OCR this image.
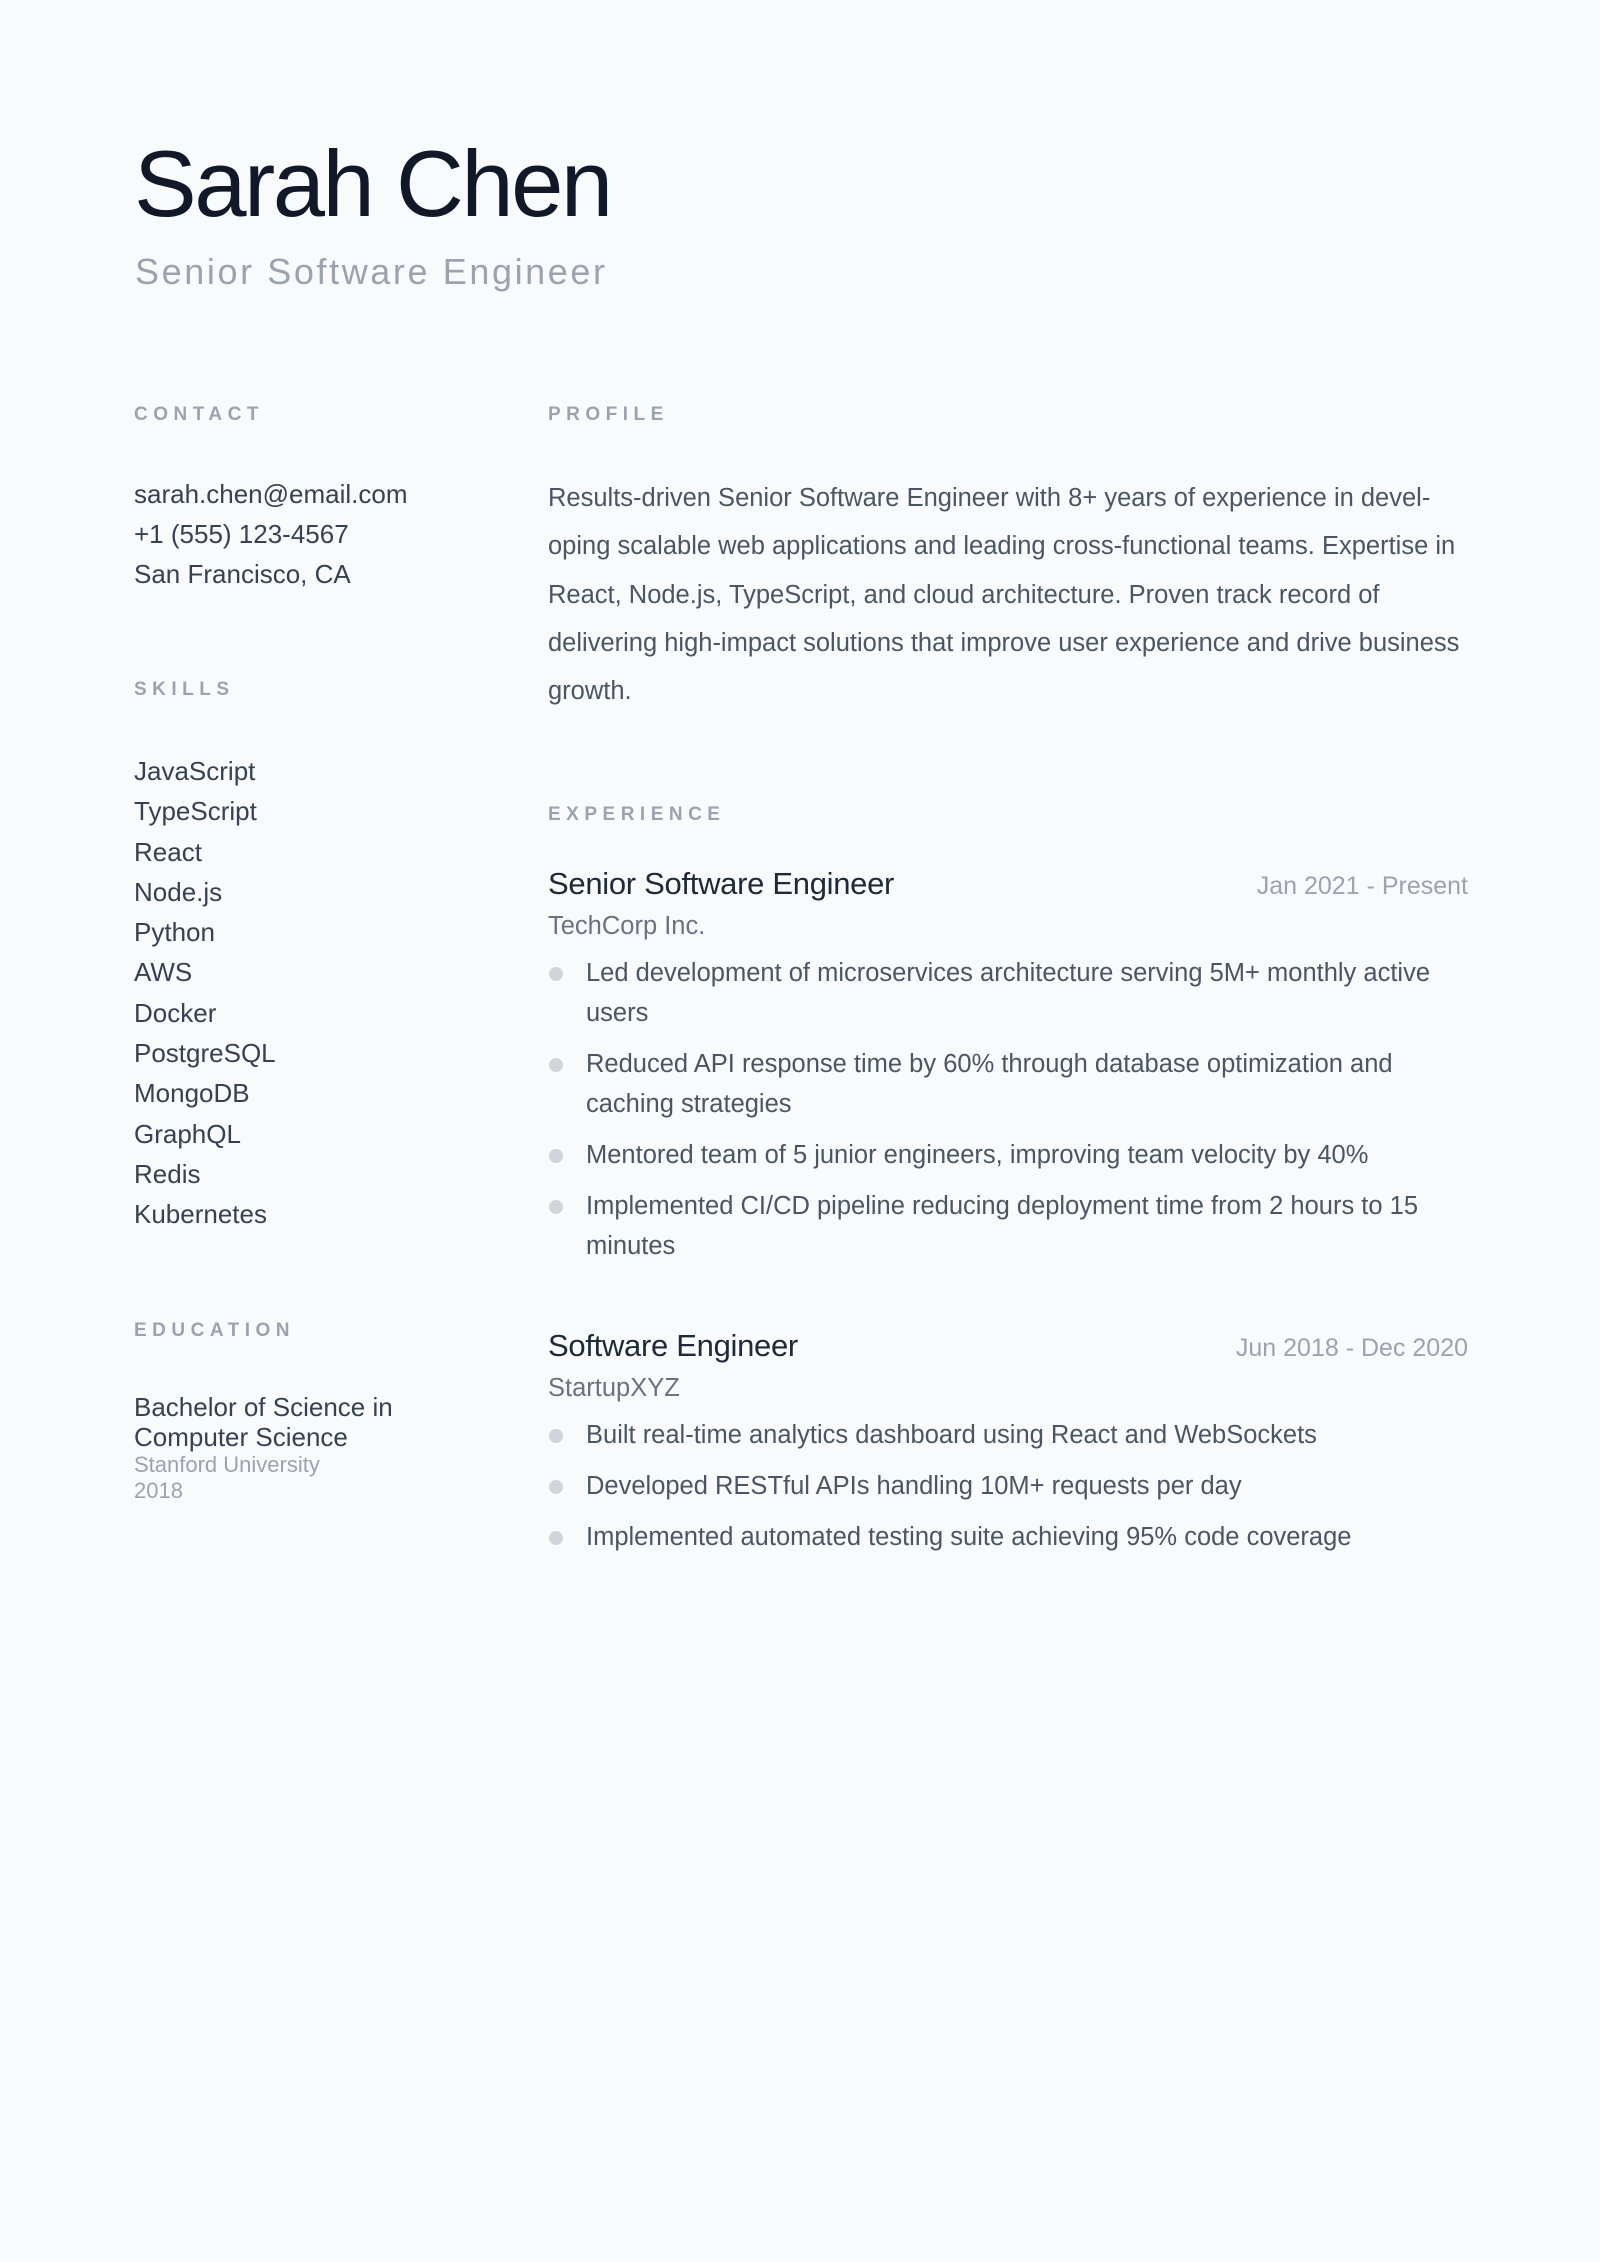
Sarah Chen
Senior Software Engineer
CONTACT
sarah.chen@email.com
+1 (555) 123-4567
San Francisco, CA
SKILLS
JavaScript
TypeScript
React
Node.js
Python
AWS
Docker
PostgreSQL
MongoDB
GraphQL
Redis
Kubernetes
EDUCATION
Bachelor of Science in Computer Science
Stanford University
2018
PROFILE

Results-driven Senior Software Engineer with 8+ years of experience in developing scalable web applications and leading cross-functional teams. Expertise in React, Node.js, TypeScript, and cloud architecture. Proven track record of delivering high-impact solutions that improve user experience and drive business growth.

EXPERIENCE
Senior Software Engineer	Jan 2021 - Present
TechCorp Inc.
Led development of microservices architecture serving 5M+ monthly active users
Reduced API response time by 60% through database optimization and caching strategies
Mentored team of 5 junior engineers, improving team velocity by 40%
Implemented CI/CD pipeline reducing deployment time from 2 hours to 15 minutes
Software Engineer	Jun 2018 - Dec 2020
StartupXYZ
Built real-time analytics dashboard using React and WebSockets
Developed RESTful APIs handling 10M+ requests per day
Implemented automated testing suite achieving 95% code coverage
